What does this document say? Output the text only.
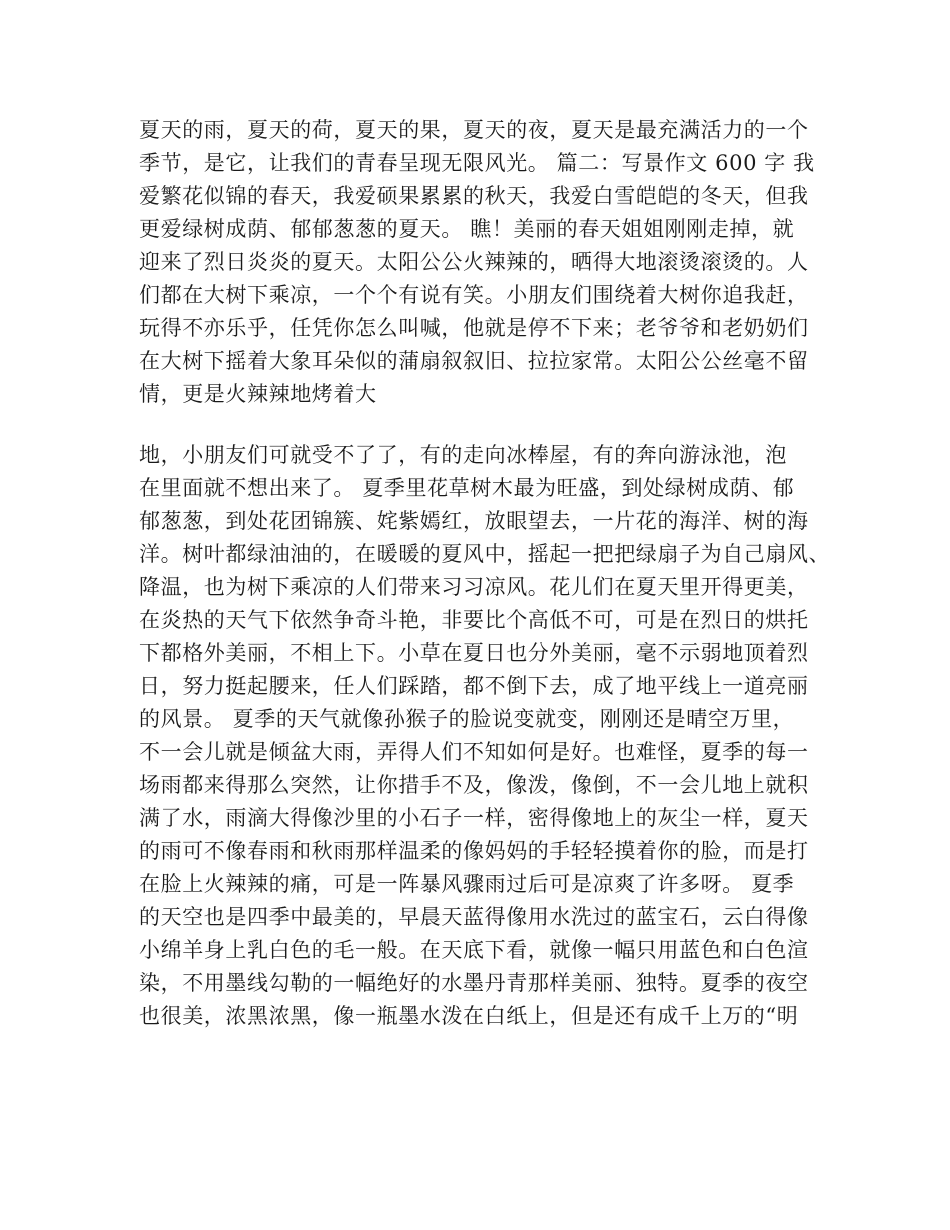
夏天的雨，夏天的荷，夏天的果，夏天的夜，夏天是最充满活力的一个
季节，是它，让我们的青春呈现无限风光。 篇二：写景作文 600 字 我
爱繁花似锦的春天，我爱硕果累累的秋天，我爱白雪皑皑的冬天，但我
更爱绿树成荫、郁郁葱葱的夏天。 瞧！美丽的春天姐姐刚刚走掉，就
迎来了烈日炎炎的夏天。太阳公公火辣辣的，晒得大地滚烫滚烫的。人
们都在大树下乘凉，一个个有说有笑。小朋友们围绕着大树你追我赶，
玩得不亦乐乎，任凭你怎么叫喊，他就是停不下来；老爷爷和老奶奶们
在大树下摇着大象耳朵似的蒲扇叙叙旧、拉拉家常。太阳公公丝毫不留
情，更是火辣辣地烤着大
地，小朋友们可就受不了了，有的走向冰棒屋，有的奔向游泳池，泡
在里面就不想出来了。 夏季里花草树木最为旺盛，到处绿树成荫、郁
郁葱葱，到处花团锦簇、姹紫嫣红，放眼望去，一片花的海洋、树的海
洋。树叶都绿油油的，在暖暖的夏风中，摇起一把把绿扇子为自己扇风、
降温，也为树下乘凉的人们带来习习凉风。花儿们在夏天里开得更美，
在炎热的天气下依然争奇斗艳，非要比个高低不可，可是在烈日的烘托
下都格外美丽，不相上下。小草在夏日也分外美丽，毫不示弱地顶着烈
日，努力挺起腰来，任人们踩踏，都不倒下去，成了地平线上一道亮丽
的风景。 夏季的天气就像孙猴子的脸说变就变，刚刚还是晴空万里，
不一会儿就是倾盆大雨，弄得人们不知如何是好。也难怪，夏季的每一
场雨都来得那么突然，让你措手不及，像泼，像倒，不一会儿地上就积
满了水，雨滴大得像沙里的小石子一样，密得像地上的灰尘一样，夏天
的雨可不像春雨和秋雨那样温柔的像妈妈的手轻轻摸着你的脸，而是打
在脸上火辣辣的痛，可是一阵暴风骤雨过后可是凉爽了许多呀。 夏季
的天空也是四季中最美的，早晨天蓝得像用水洗过的蓝宝石，云白得像
小绵羊身上乳白色的毛一般。在天底下看，就像一幅只用蓝色和白色渲
染，不用墨线勾勒的一幅绝好的水墨丹青那样美丽、独特。夏季的夜空
也很美，浓黑浓黑，像一瓶墨水泼在白纸上，但是还有成千上万的“明
